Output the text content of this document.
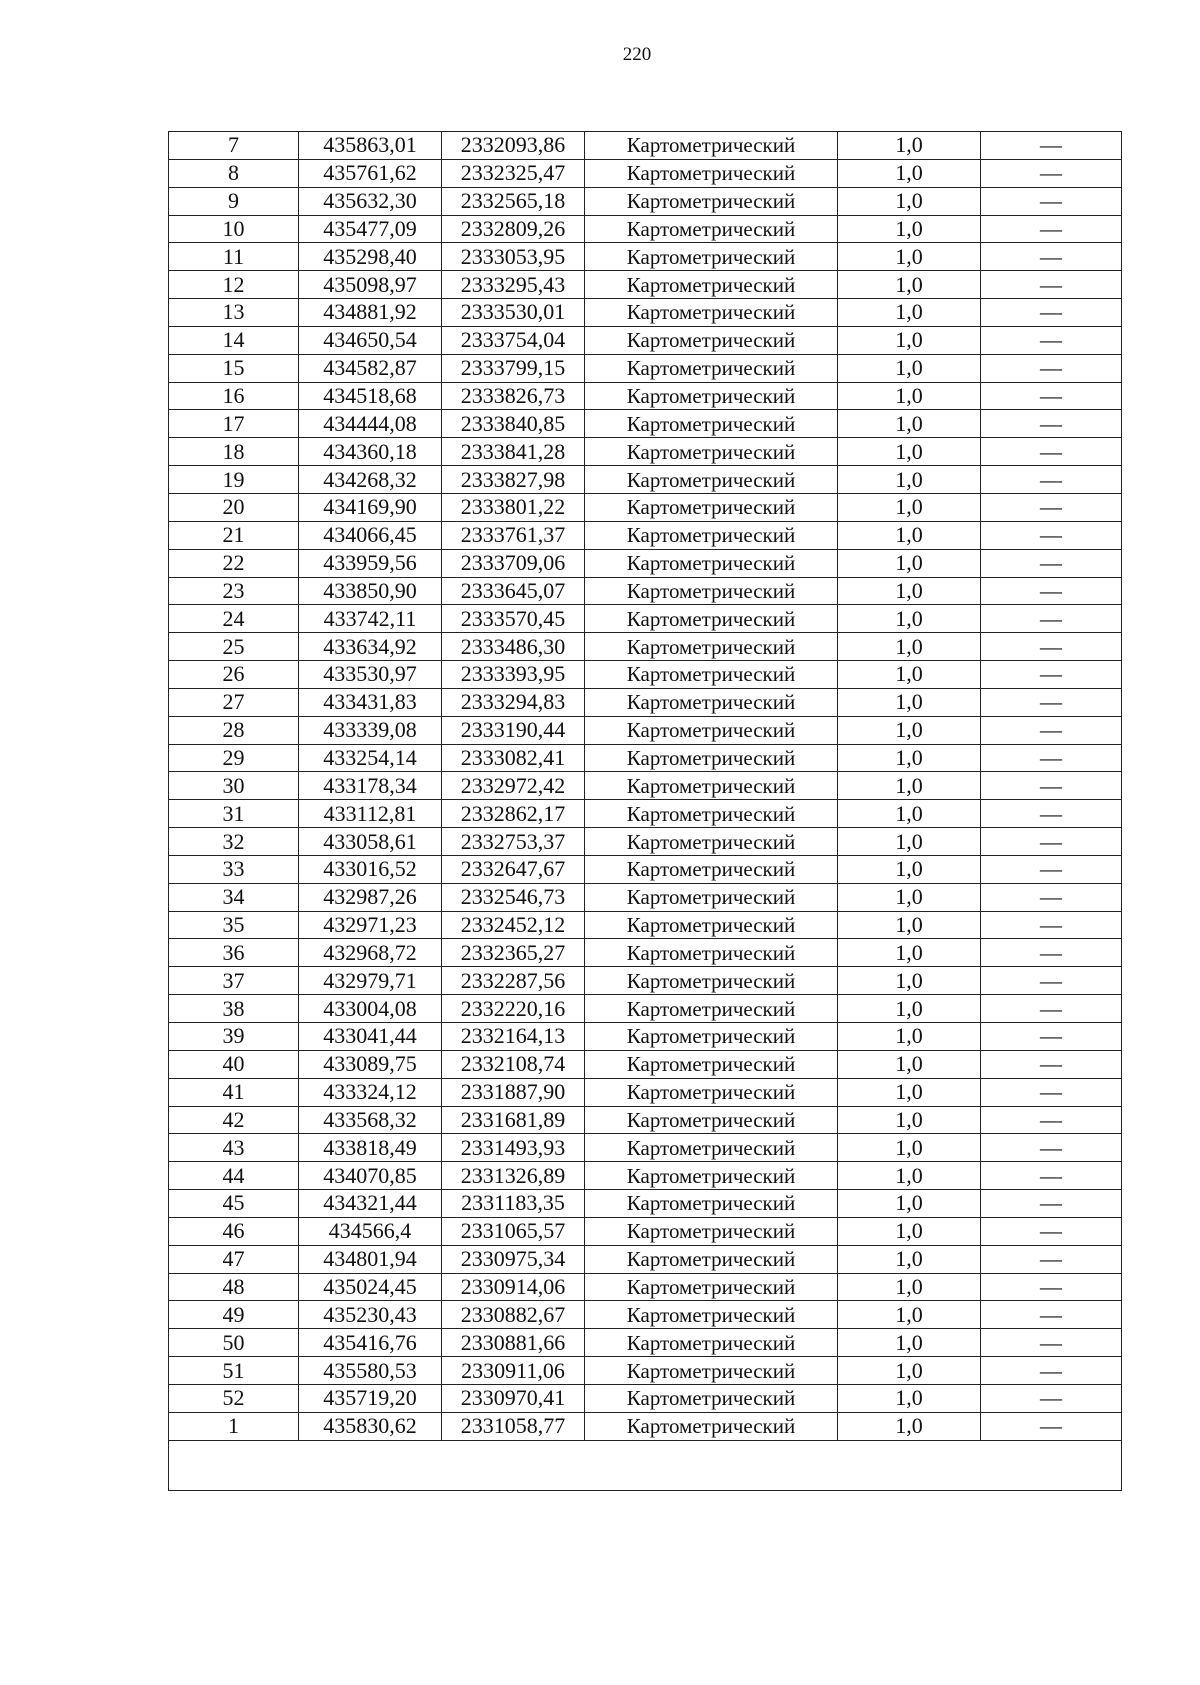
220
7	435863,01	2332093,86	Картометрический	1,0	—
8	435761,62	2332325,47	Картометрический	1,0	—
9	435632,30	2332565,18	Картометрический	1,0	—
10	435477,09	2332809,26	Картометрический	1,0	—
11	435298,40	2333053,95	Картометрический	1,0	—
12	435098,97	2333295,43	Картометрический	1,0	—
13	434881,92	2333530,01	Картометрический	1,0	—
14	434650,54	2333754,04	Картометрический	1,0	—
15	434582,87	2333799,15	Картометрический	1,0	—
16	434518,68	2333826,73	Картометрический	1,0	—
17	434444,08	2333840,85	Картометрический	1,0	—
18	434360,18	2333841,28	Картометрический	1,0	—
19	434268,32	2333827,98	Картометрический	1,0	—
20	434169,90	2333801,22	Картометрический	1,0	—
21	434066,45	2333761,37	Картометрический	1,0	—
22	433959,56	2333709,06	Картометрический	1,0	—
23	433850,90	2333645,07	Картометрический	1,0	—
24	433742,11	2333570,45	Картометрический	1,0	—
25	433634,92	2333486,30	Картометрический	1,0	—
26	433530,97	2333393,95	Картометрический	1,0	—
27	433431,83	2333294,83	Картометрический	1,0	—
28	433339,08	2333190,44	Картометрический	1,0	—
29	433254,14	2333082,41	Картометрический	1,0	—
30	433178,34	2332972,42	Картометрический	1,0	—
31	433112,81	2332862,17	Картометрический	1,0	—
32	433058,61	2332753,37	Картометрический	1,0	—
33	433016,52	2332647,67	Картометрический	1,0	—
34	432987,26	2332546,73	Картометрический	1,0	—
35	432971,23	2332452,12	Картометрический	1,0	—
36	432968,72	2332365,27	Картометрический	1,0	—
37	432979,71	2332287,56	Картометрический	1,0	—
38	433004,08	2332220,16	Картометрический	1,0	—
39	433041,44	2332164,13	Картометрический	1,0	—
40	433089,75	2332108,74	Картометрический	1,0	—
41	433324,12	2331887,90	Картометрический	1,0	—
42	433568,32	2331681,89	Картометрический	1,0	—
43	433818,49	2331493,93	Картометрический	1,0	—
44	434070,85	2331326,89	Картометрический	1,0	—
45	434321,44	2331183,35	Картометрический	1,0	—
46	434566,4	2331065,57	Картометрический	1,0	—
47	434801,94	2330975,34	Картометрический	1,0	—
48	435024,45	2330914,06	Картометрический	1,0	—
49	435230,43	2330882,67	Картометрический	1,0	—
50	435416,76	2330881,66	Картометрический	1,0	—
51	435580,53	2330911,06	Картометрический	1,0	—
52	435719,20	2330970,41	Картометрический	1,0	—
1	435830,62	2331058,77	Картометрический	1,0	—
